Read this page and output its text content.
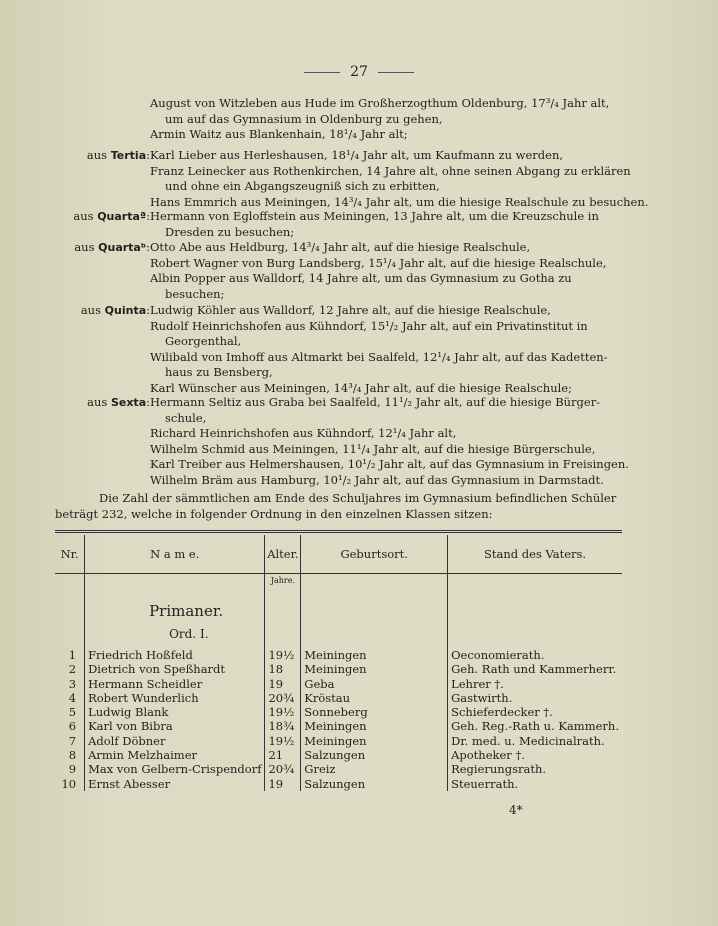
27
August von Witzleben aus Hude im Großherzogthum Oldenburg, 17³/₄ Jahr alt,
um auf das Gymnasium in Oldenburg zu gehen,
Armin Waitz aus Blankenhain, 18¹/₄ Jahr alt;
aus Tertia: Karl Lieber aus Herleshausen, 18¹/₄ Jahr alt, um Kaufmann zu werden,
Franz Leinecker aus Rothenkirchen, 14 Jahre alt, ohne seinen Abgang zu erklären
und ohne ein Abgangszeugniß sich zu erbitten,
Hans Emmrich aus Meiningen, 14³/₄ Jahr alt, um die hiesige Realschule zu besuchen.
aus Quartaª: Hermann von Egloffstein aus Meiningen, 13 Jahre alt, um die Kreuzschule in
Dresden zu besuchen;
aus Quartaᵇ: Otto Abe aus Heldburg, 14³/₄ Jahr alt, auf die hiesige Realschule,
Robert Wagner von Burg Landsberg, 15¹/₄ Jahr alt, auf die hiesige Realschule,
Albin Popper aus Walldorf, 14 Jahre alt, um das Gymnasium zu Gotha zu
besuchen;
aus Quinta: Ludwig Köhler aus Walldorf, 12 Jahre alt, auf die hiesige Realschule,
Rudolf Heinrichshofen aus Kühndorf, 15¹/₂ Jahr alt, auf ein Privatinstitut in
Georgenthal,
Wilibald von Imhoff aus Altmarkt bei Saalfeld, 12¹/₄ Jahr alt, auf das Kadetten-
haus zu Bensberg,
Karl Wünscher aus Meiningen, 14³/₄ Jahr alt, auf die hiesige Realschule;
aus Sexta: Hermann Seltiz aus Graba bei Saalfeld, 11¹/₂ Jahr alt, auf die hiesige Bürger-
schule,
Richard Heinrichshofen aus Kühndorf, 12¹/₄ Jahr alt,
Wilhelm Schmid aus Meiningen, 11¹/₄ Jahr alt, auf die hiesige Bürgerschule,
Karl Treiber aus Helmershausen, 10¹/₂ Jahr alt, auf das Gymnasium in Freisingen.
Wilhelm Bräm aus Hamburg, 10¹/₂ Jahr alt, auf das Gymnasium in Darmstadt.
Die Zahl der sämmtlichen am Ende des Schuljahres im Gymnasium befindlichen Schüler
beträgt 232, welche in folgender Ordnung in den einzelnen Klassen sitzen:
Nr.	N a m e.	Alter.	Geburtsort.	Stand des Vaters.
		Jahre.		
	Primaner.			
	Ord. I.			
1	Friedrich Hoßfeld	19½	Meiningen	Oeconomierath.
2	Dietrich von Speßhardt	18	Meiningen	Geh. Rath und Kammerherr.
3	Hermann Scheidler	19	Geba	Lehrer †.
4	Robert Wunderlich	20¾	Kröstau	Gastwirth.
5	Ludwig Blank	19½	Sonneberg	Schieferdecker †.
6	Karl von Bibra	18¾	Meiningen	Geh. Reg.-Rath u. Kammerh.
7	Adolf Döbner	19½	Meiningen	Dr. med. u. Medicinalrath.
8	Armin Melzhaimer	21	Salzungen	Apotheker †.
9	Max von Gelbern-Crispendorf	20¾	Greiz	Regierungsrath.
10	Ernst Abesser	19	Salzungen	Steuerrath.
4*
